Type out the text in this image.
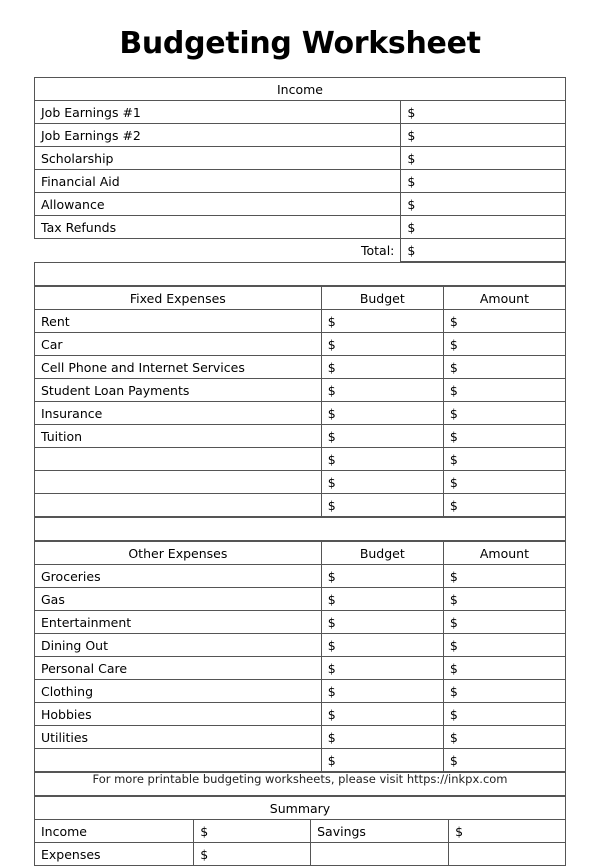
Budgeting Worksheet
Income	
Job Earnings #1	$
Job Earnings #2	$
Scholarship	$
Financial Aid	$
Allowance	$
Tax Refunds	$
Total:	$
Fixed Expenses	Budget	Amount
Rent	$	$
Car	$	$
Cell Phone and Internet Services	$	$
Student Loan Payments	$	$
Insurance	$	$
Tuition	$	$
	$	$
	$	$
	$	$
Other Expenses	Budget	Amount
Groceries	$	$
Gas	$	$
Entertainment	$	$
Dining Out	$	$
Personal Care	$	$
Clothing	$	$
Hobbies	$	$
Utilities	$	$
	$	$
Summary			
Income	$	Savings	$
Expenses	$		
For more printable budgeting worksheets, please visit https://inkpx.com
